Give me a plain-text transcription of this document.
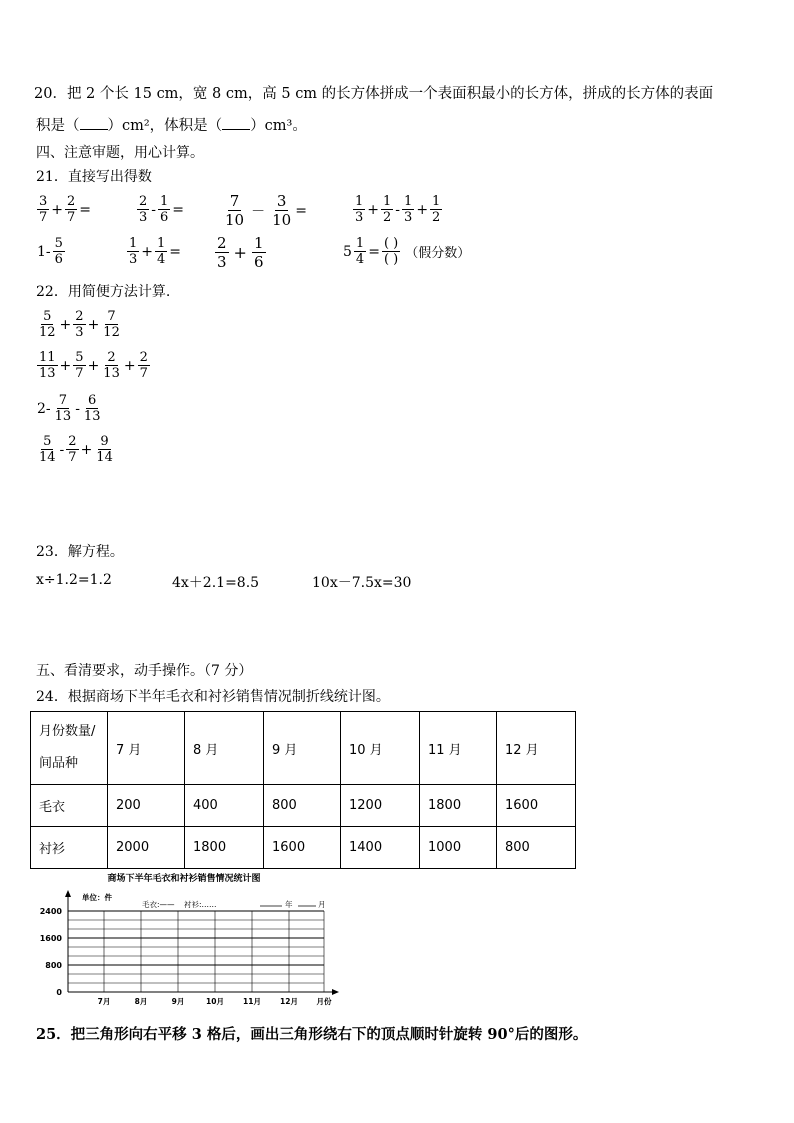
20．把 2 个长 15 cm，宽 8 cm，高 5 cm 的长方体拼成一个表面积最小的长方体，拼成的长方体的表面
积是（ ）cm²，体积是（ ）cm³。
四、注意审题，用心计算。
21．直接写出得数
$\frac{3}{7} + \frac{2}{7}$ =	$\frac{2}{3} - \frac{1}{6}$ =	$\frac{7}{10} - \frac{3}{10}$ =	$\frac{1}{3} + \frac{1}{2} - \frac{1}{3} + \frac{1}{2}$
$1- \frac{5}{6}$	$\frac{1}{3} + \frac{1}{4} = \frac{2}{3} + \frac{1}{6}$	$5 \frac{1}{4} = \frac{( )}{( )}$ （假分数）
22．用简便方法计算.
$\frac{5}{12} + \frac{2}{3} + \frac{7}{12}$
$\frac{11}{13} + \frac{5}{7} + \frac{2}{13} + \frac{2}{7}$
$2- \frac{7}{13} - \frac{6}{13}$
$\frac{5}{14} - \frac{2}{7} + \frac{9}{14}$
23．解方程。
x÷1.2=1.2	4x＋2.1=8.5	10x－7.5x=30
五、看清要求，动手操作。（7 分）
24．根据商场下半年毛衣和衬衫销售情况制折线统计图。
月份数量/
间品种	7 月	8 月	9 月	10 月	11 月	12 月
毛衣	200	400	800	1200	1800	1600
衬衫	2000	1800	1600	1400	1000	800
商场下半年毛衣和衬衫销售情况统计图
单位：件
毛衣:—— 衬衫:……	年	月
2400
1600
800
0
7月	8月	9月	10月	11月	12月 月份
25．把三角形向右平移 3 格后，画出三角形绕右下的顶点顺时针旋转 90°后的图形。
